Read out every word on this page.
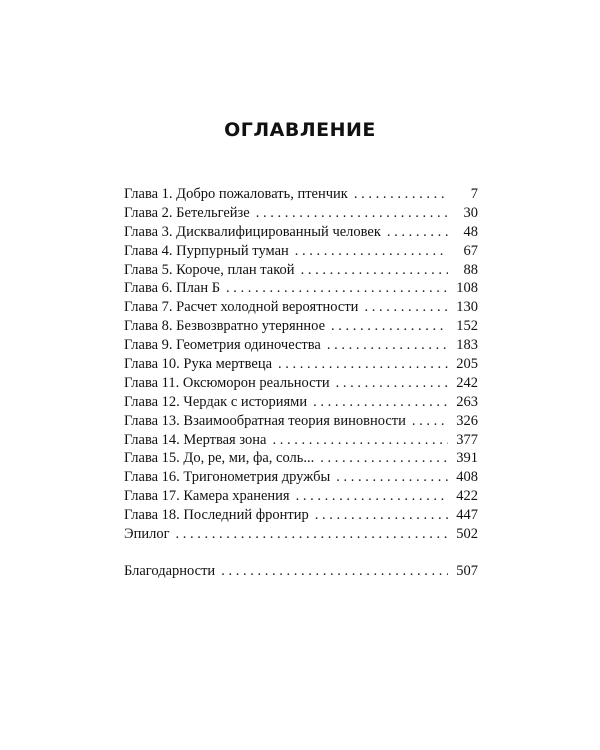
ОГЛАВЛЕНИЕ
Глава 1. Добро пожаловать, птенчик . . .	7
Глава 2. Бетельгейзе . . .	30
Глава 3. Дисквалифицированный человек . . .	48
Глава 4. Пурпурный туман . . .	67
Глава 5. Короче, план такой . . .	88
Глава 6. План Б . . .	108
Глава 7. Расчет холодной вероятности . . .	130
Глава 8. Безвозвратно утерянное . . .	152
Глава 9. Геометрия одиночества . . .	183
Глава 10. Рука мертвеца . . .	205
Глава 11. Оксюморон реальности . . .	242
Глава 12. Чердак с историями . . .	263
Глава 13. Взаимообратная теория виновности . . .	326
Глава 14. Мертвая зона . . .	377
Глава 15. До, ре, ми, фа, соль... . . .	391
Глава 16. Тригонометрия дружбы . . .	408
Глава 17. Камера хранения . . .	422
Глава 18. Последний фронтир . . .	447
Эпилог . . .	502
Благодарности . . .	507
